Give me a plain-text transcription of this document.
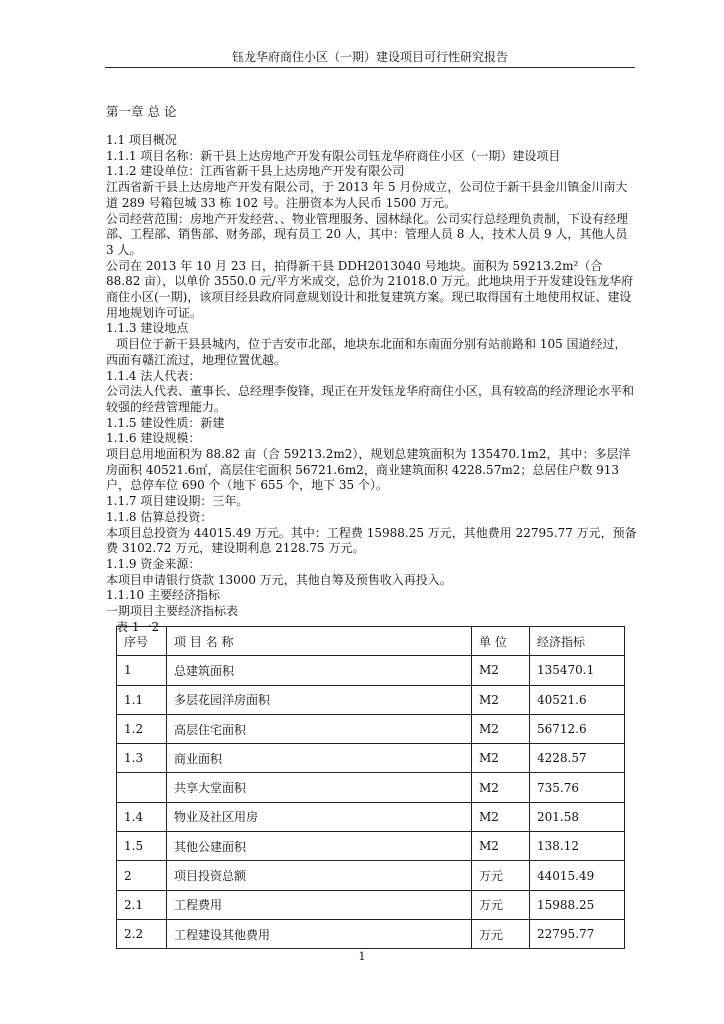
钰龙华府商住小区（一期）建设项目可行性研究报告
第一章 总 论

1.1 项目概况

1.1.1 项目名称：新干县上达房地产开发有限公司钰龙华府商住小区（一期）建设项目

1.1.2 建设单位：江西省新干县上达房地产开发有限公司

江西省新干县上达房地产开发有限公司，于 2013 年 5 月份成立，公司位于新干县金川镇金川南大道 289 号箱包城 33 栋 102 号。注册资本为人民币 1500 万元。

公司经营范围：房地产开发经营、、物业管理服务、园林绿化。公司实行总经理负责制，下设有经理部、工程部、销售部、财务部，现有员工 20 人，其中：管理人员 8 人，技术人员 9 人，其他人员 3 人。

公司在 2013 年 10 月 23 日，拍得新干县 DDH2013040 号地块。面积为 59213.2m²（合 88.82 亩），以单价 3550.0 元/平方米成交，总价为 21018.0 万元。此地块用于开发建设钰龙华府商住小区(一期)，该项目经县政府同意规划设计和批复建筑方案。现已取得国有土地使用权证、建设用地规划许可证。

1.1.3 建设地点

项目位于新干县县城内，位于吉安市北部，地块东北面和东南面分别有站前路和 105 国道经过，西面有赣江流过，地理位置优越。

1.1.4 法人代表：

公司法人代表、董事长、总经理李俊锋，现正在开发钰龙华府商住小区，具有较高的经济理论水平和较强的经营管理能力。

1.1.5 建设性质：新建

1.1.6 建设规模：

项目总用地面积为 88.82 亩（合 59213.2m2），规划总建筑面积为 135470.1m2，其中：多层洋房面积 40521.6㎡，高层住宅面积 56721.6m2，商业建筑面积 4228.57m2；总居住户数 913 户，总停车位 690 个（地下 655 个，地下 35 个）。

1.1.7 项目建设期：三年。

1.1.8 估算总投资：

本项目总投资为 44015.49 万元。其中：工程费 15988.25 万元，其他费用 22795.77 万元，预备费 3102.72 万元，建设期利息 2128.75 万元。

1.1.9 资金来源：

本项目申请银行贷款 13000 万元，其他自筹及预售收入再投入。

1.1.10 主要经济指标

一期项目主要经济指标表

表 1一2

序号	项 目 名 称	单 位	经济指标
1	总建筑面积	M2	135470.1
1.1	多层花园洋房面积	M2	40521.6
1.2	高层住宅面积	M2	56712.6
1.3	商业面积	M2	4228.57
	共享大堂面积	M2	735.76
1.4	物业及社区用房	M2	201.58
1.5	其他公建面积	M2	138.12
2	项目投资总额	万元	44015.49
2.1	工程费用	万元	15988.25
2.2	工程建设其他费用	万元	22795.77
1
